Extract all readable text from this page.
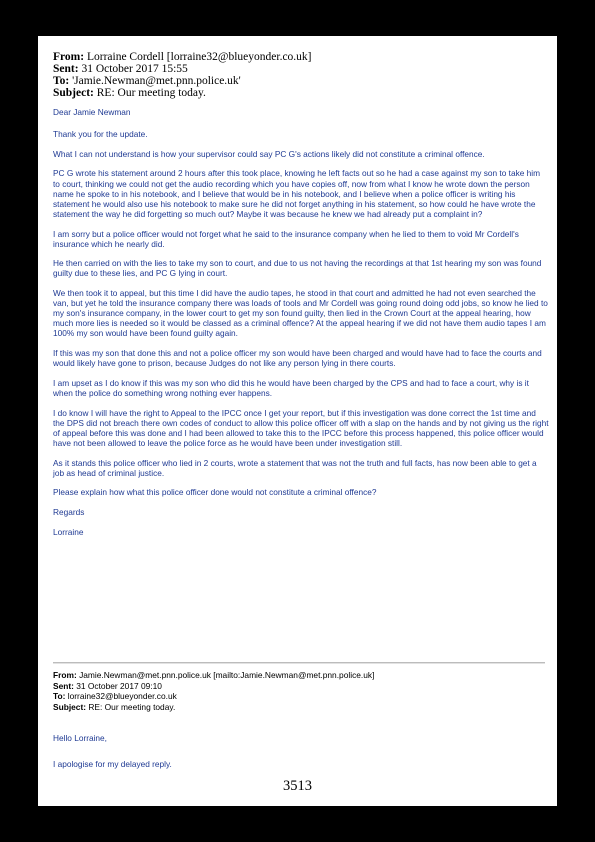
From: Lorraine Cordell [lorraine32@blueyonder.co.uk]
Sent: 31 October 2017 15:55
To: 'Jamie.Newman@met.pnn.police.uk'
Subject: RE: Our meeting today.

Dear Jamie Newman

Thank you for the update.

What I can not understand is how your supervisor could say PC G's actions likely did not constitute a criminal offence.

PC G wrote his statement around 2 hours after this took place, knowing he left facts out so he had a case against my son to take him to court, thinking we could not get the audio recording which you have copies off, now from what I know he wrote down the person name he spoke to in his notebook, and I believe that would be in his notebook, and I believe when a police officer is writing his statement he would also use his notebook to make sure he did not forget anything in his statement, so how could he have wrote the statement the way he did forgetting so much out? Maybe it was because he knew we had already put a complaint in?

I am sorry but a police officer would not forget what he said to the insurance company when he lied to them to void Mr Cordell's insurance which he nearly did.

He then carried on with the lies to take my son to court, and due to us not having the recordings at that 1st hearing my son was found guilty due to these lies, and PC G lying in court.

We then took it to appeal, but this time I did have the audio tapes, he stood in that court and admitted he had not even searched the van, but yet he told the insurance company there was loads of tools and Mr Cordell was going round doing odd jobs, so know he lied to my son's insurance company, in the lower court to get my son found guilty, then lied in the Crown Court at the appeal hearing, how much more lies is needed so it would be classed as a criminal offence? At the appeal hearing if we did not have them audio tapes I am 100% my son would have been found guilty again.

If this was my son that done this and not a police officer my son would have been charged and would have had to face the courts and would likely have gone to prison, because Judges do not like any person lying in there courts.

I am upset as I do know if this was my son who did this he would have been charged by the CPS and had to face a court, why is it when the police do something wrong nothing ever happens.

I do know I will have the right to Appeal to the IPCC once I get your report, but if this investigation was done correct the 1st time and the DPS did not breach there own codes of conduct to allow this police officer off with a slap on the hands and by not giving us the right of appeal before this was done and I had been allowed to take this to the IPCC before this process happened, this police officer would have not been allowed to leave the police force as he would have been under investigation still.

As it stands this police officer who lied in 2 courts, wrote a statement that was not the truth and full facts, has now been able to get a job as head of criminal justice.

Please explain how what this police officer done would not constitute a criminal offence?

Regards

Lorraine

From: Jamie.Newman@met.pnn.police.uk [mailto:Jamie.Newman@met.pnn.police.uk]
Sent: 31 October 2017 09:10
To: lorraine32@blueyonder.co.uk
Subject: RE: Our meeting today.

Hello Lorraine,

I apologise for my delayed reply.

3513
